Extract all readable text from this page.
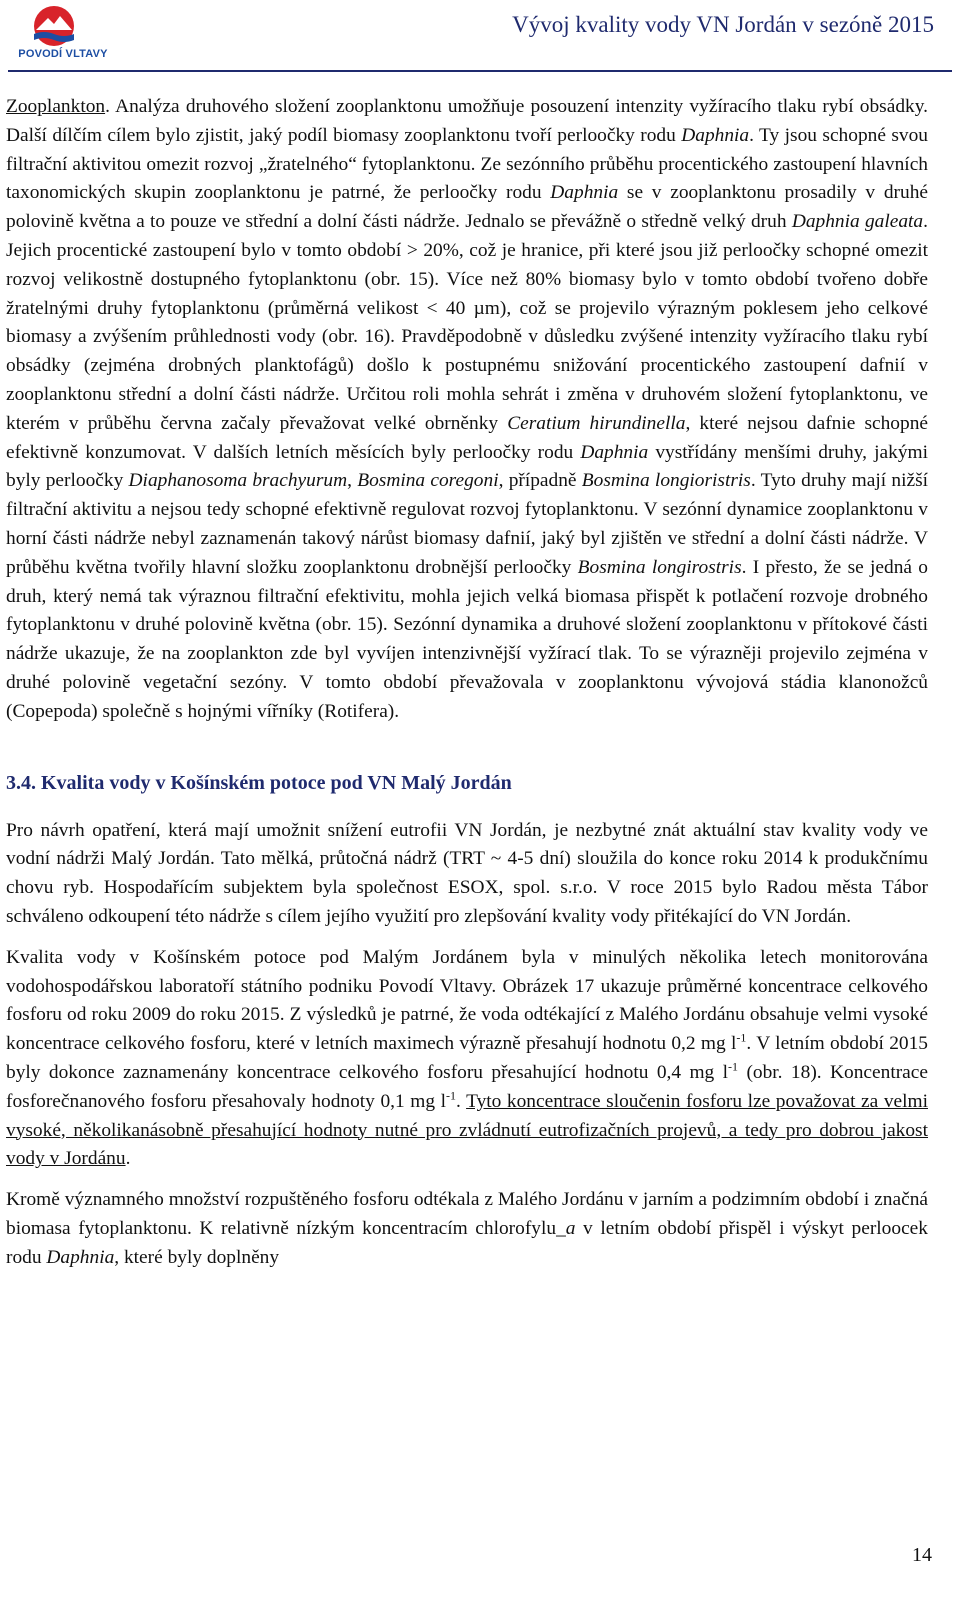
POVODÍ VLTAVY
Vývoj kvality vody VN Jordán v sezóně 2015

Zooplankton. Analýza druhového složení zooplanktonu umožňuje posouzení intenzity vyžíracího tlaku rybí obsádky. Další dílčím cílem bylo zjistit, jaký podíl biomasy zooplanktonu tvoří perloočky rodu Daphnia. Ty jsou schopné svou filtrační aktivitou omezit rozvoj „žratelného“ fytoplanktonu. Ze sezónního průběhu procentického zastoupení hlavních taxonomických skupin zooplanktonu je patrné, že perloočky rodu Daphnia se v zooplanktonu prosadily v druhé polovině května a to pouze ve střední a dolní části nádrže. Jednalo se převážně o středně velký druh Daphnia galeata. Jejich procentické zastoupení bylo v tomto období > 20%, což je hranice, při které jsou již perloočky schopné omezit rozvoj velikostně dostupného fytoplanktonu (obr. 15). Více než 80% biomasy bylo v tomto období tvořeno dobře žratelnými druhy fytoplanktonu (průměrná velikost < 40 µm), což se projevilo výrazným poklesem jeho celkové biomasy a zvýšením průhlednosti vody (obr. 16). Pravděpodobně v důsledku zvýšené intenzity vyžíracího tlaku rybí obsádky (zejména drobných planktofágů) došlo k postupnému snižování procentického zastoupení dafnií v zooplanktonu střední a dolní části nádrže. Určitou roli mohla sehrát i změna v druhovém složení fytoplanktonu, ve kterém v průběhu června začaly převažovat velké obrněnky Ceratium hirundinella, které nejsou dafnie schopné efektivně konzumovat. V dalších letních měsících byly perloočky rodu Daphnia vystřídány menšími druhy, jakými byly perloočky Diaphanosoma brachyurum, Bosmina coregoni, případně Bosmina longioristris. Tyto druhy mají nižší filtrační aktivitu a nejsou tedy schopné efektivně regulovat rozvoj fytoplanktonu. V sezónní dynamice zooplanktonu v horní části nádrže nebyl zaznamenán takový nárůst biomasy dafnií, jaký byl zjištěn ve střední a dolní části nádrže. V průběhu května tvořily hlavní složku zooplanktonu drobnější perloočky Bosmina longirostris. I přesto, že se jedná o druh, který nemá tak výraznou filtrační efektivitu, mohla jejich velká biomasa přispět k potlačení rozvoje drobného fytoplanktonu v druhé polovině května (obr. 15). Sezónní dynamika a druhové složení zooplanktonu v přítokové části nádrže ukazuje, že na zooplankton zde byl vyvíjen intenzivnější vyžírací tlak. To se výrazněji projevilo zejména v druhé polovině vegetační sezóny. V tomto období převažovala v zooplanktonu vývojová stádia klanonožců (Copepoda) společně s hojnými vířníky (Rotifera).

3.4. Kvalita vody v Košínském potoce pod VN Malý Jordán

Pro návrh opatření, která mají umožnit snížení eutrofii VN Jordán, je nezbytné znát aktuální stav kvality vody ve vodní nádrži Malý Jordán. Tato mělká, průtočná nádrž (TRT ~ 4-5 dní) sloužila do konce roku 2014 k produkčnímu chovu ryb. Hospodařícím subjektem byla společnost ESOX, spol. s.r.o. V roce 2015 bylo Radou města Tábor schváleno odkoupení této nádrže s cílem jejího využití pro zlepšování kvality vody přitékající do VN Jordán.

Kvalita vody v Košínském potoce pod Malým Jordánem byla v minulých několika letech monitorována vodohospodářskou laboratoří státního podniku Povodí Vltavy. Obrázek 17 ukazuje průměrné koncentrace celkového fosforu od roku 2009 do roku 2015. Z výsledků je patrné, že voda odtékající z Malého Jordánu obsahuje velmi vysoké koncentrace celkového fosforu, které v letních maximech výrazně přesahují hodnotu 0,2 mg $l^{-1}$. V letním období 2015 byly dokonce zaznamenány koncentrace celkového fosforu přesahující hodnotu 0,4 mg $l^{-1}$ (obr. 18). Koncentrace fosforečnanového fosforu přesahovaly hodnoty 0,1 mg $l^{-1}$. Tyto koncentrace sloučenin fosforu lze považovat za velmi vysoké, několikanásobně přesahující hodnoty nutné pro zvládnutí eutrofizačních projevů, a tedy pro dobrou jakost vody v Jordánu.

Kromě významného množství rozpuštěného fosforu odtékala z Malého Jordánu v jarním a podzimním období i značná biomasa fytoplanktonu. K relativně nízkým koncentracím chlorofylu_a v letním období přispěl i výskyt perloocek rodu Daphnia, které byly doplněny

14
